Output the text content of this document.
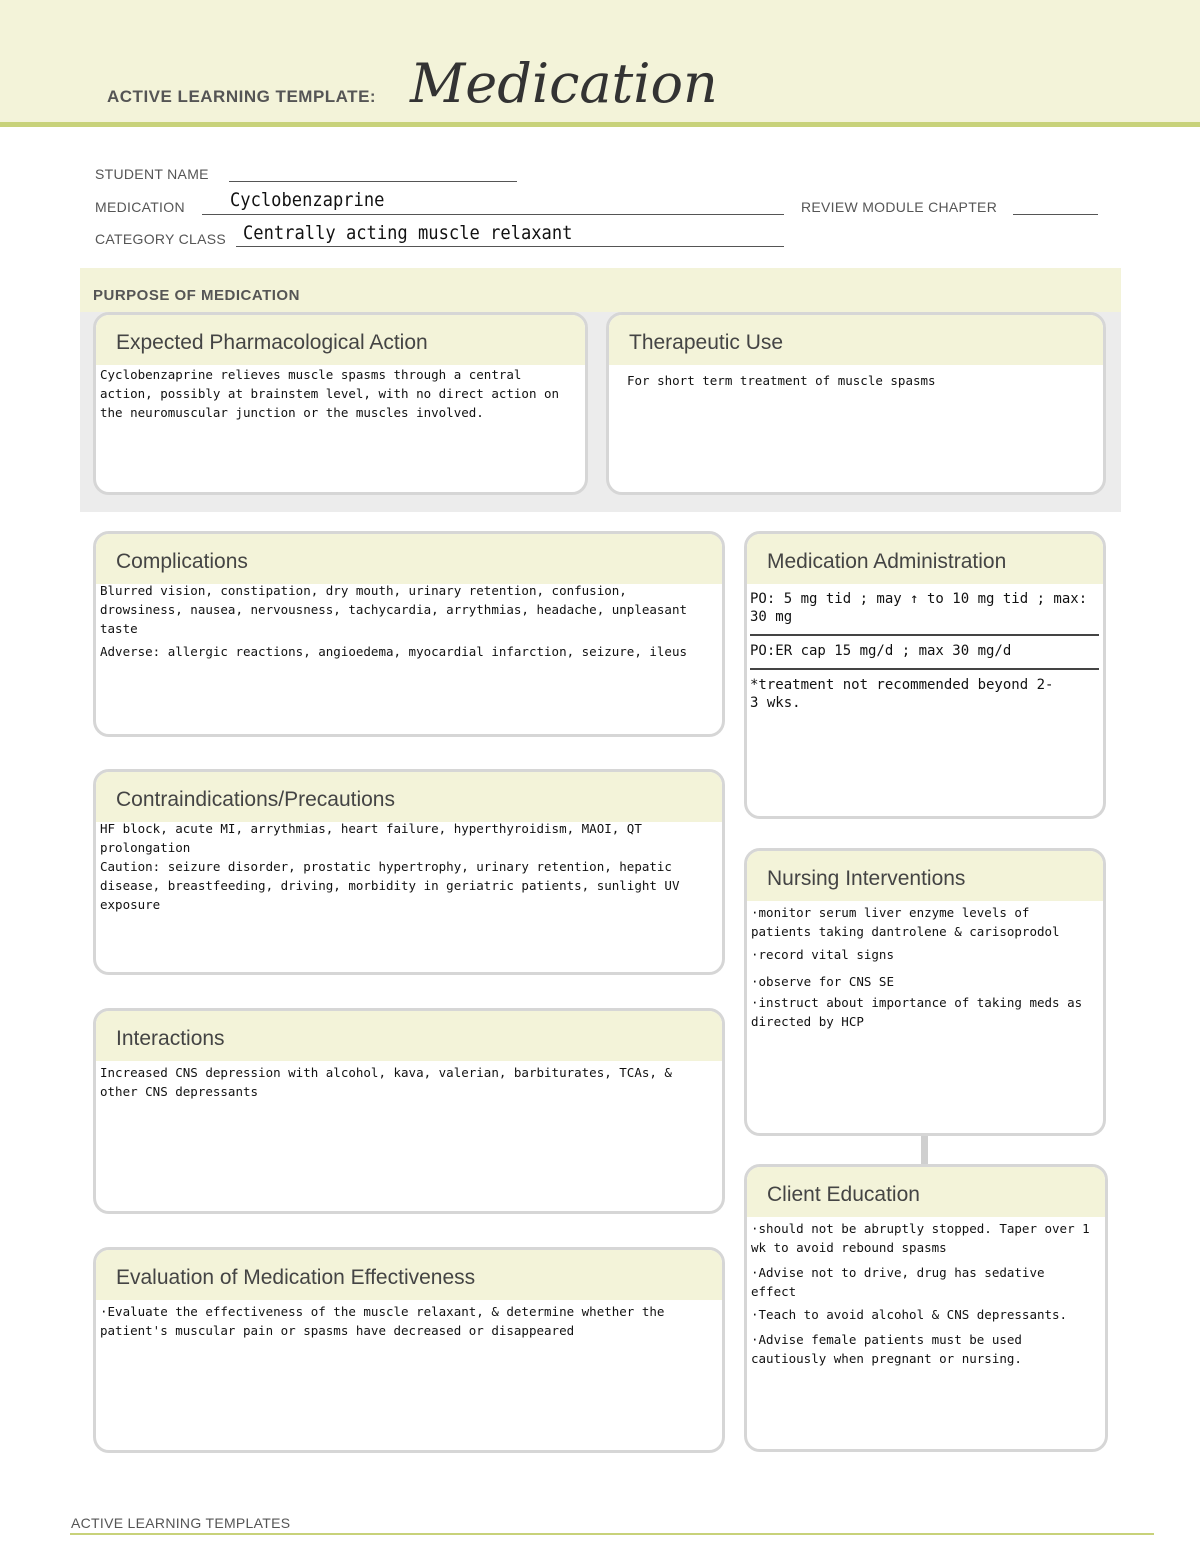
ACTIVE LEARNING TEMPLATE: Medication
STUDENT NAME
MEDICATION Cyclobenzaprine	REVIEW MODULE CHAPTER
CATEGORY CLASS Centrally acting muscle relaxant
PURPOSE OF MEDICATION
Expected Pharmacological Action
Cyclobenzaprine relieves muscle spasms through a central action, possibly at brainstem level, with no direct action on the neuromuscular junction or the muscles involved.
Therapeutic Use
For short term treatment of muscle spasms
Complications

Blurred vision, constipation, dry mouth, urinary retention, confusion, drowsiness, nausea, nervousness, tachycardia, arrythmias, headache, unpleasant taste

Adverse: allergic reactions, angioedema, myocardial infarction, seizure, ileus

Medication Administration
PO: 5 mg tid ; may ↑ to 10 mg tid ; max: 30 mg
PO:ER cap 15 mg/d ; max 30 mg/d
*treatment not recommended beyond 2-3 wks.
Contraindications/Precautions

HF block, acute MI, arrythmias, heart failure, hyperthyroidism, MAOI, QT prolongation

Caution: seizure disorder, prostatic hypertrophy, urinary retention, hepatic disease, breastfeeding, driving, morbidity in geriatric patients, sunlight UV exposure

Nursing Interventions

·monitor serum liver enzyme levels of patients taking dantrolene & carisoprodol

·record vital signs

·observe for CNS SE

·instruct about importance of taking meds as directed by HCP

Interactions
Increased CNS depression with alcohol, kava, valerian, barbiturates, TCAs, & other CNS depressants
Client Education

·should not be abruptly stopped. Taper over 1 wk to avoid rebound spasms

·Advise not to drive, drug has sedative effect

·Teach to avoid alcohol & CNS depressants.

·Advise female patients must be used cautiously when pregnant or nursing.

Evaluation of Medication Effectiveness
·Evaluate the effectiveness of the muscle relaxant, & determine whether the patient's muscular pain or spasms have decreased or disappeared
ACTIVE LEARNING TEMPLATES
